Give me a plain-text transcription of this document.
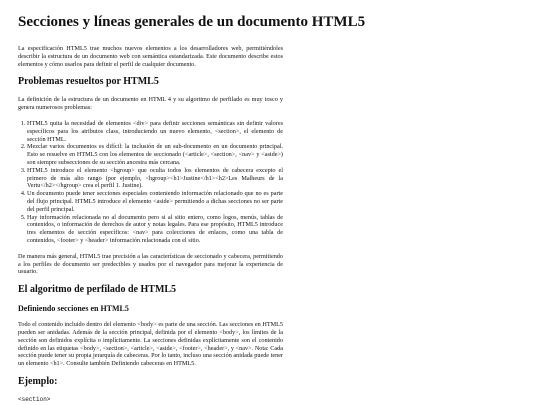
Secciones y líneas generales de un documento HTML5

La especificación HTML5 trae muchos nuevos elementos a los desarrolladores web, permitiéndoles describir la estructura de un documento web con semántica estandarizada. Este documento describe estos elementos y cómo usarlos para definir el perfil de cualquier documento.

Problemas resueltos por HTML5

La definición de la estructura de un documento en HTML 4 y su algoritmo de perfilado es muy tosco y genera numerosos problemas:

1. HTML5 quita la necesidad de elementos <div> para definir secciones semánticas sin definir valores específicos para los atributos class, introduciendo un nuevo elemento, <section>, el elemento de sección HTML.
2. Mezclar varios documentos es difícil: la inclusión de un sub-documento en un documento principal. Esto se resuelve en HTML5 con los elementos de seccionado (<article>, <section>, <nav> y <aside>) son siempre subsecciones de su sección ancestra más cercana.
3. HTML5 introduce el elemento <hgroup> que oculta todos los elementos de cabecera excepto el primero de más alto rango (por ejemplo, <hgroup><h1>Justine</h1><h2>Les Malheurs de la Vertu</h2></hgroup> crea el perfil 1. Justine).
4. Un documento puede tener secciones especiales conteniendo información relacionado que no es parte del flujo principal. HTML5 introduce el elemento <aside> permitiendo a dichas secciones no ser parte del perfil principal.
5. Hay información relacionada no al documento pero si al sitio entero, como logos, menús, tablas de contenidos, o información de derechos de autor y notas legales. Para ese propósito, HTML5 introduce tres elementos de sección específicos: <nav> para colecciones de enlaces, como una tabla de contenidos, <footer> y <header> información relacionada con el sitio.

De manera más general, HTML5 trae precisión a las características de seccionado y cabecera, permitiendo a los perfiles de documento ser predecibles y usados por el navegador para mejorar la experiencia de usuario.

El algoritmo de perfilado de HTML5
Definiendo secciones en HTML5

Todo el contenido incluido dentro del elemento <body> es parte de una sección. Las secciones en HTML5 pueden ser anidadas. Además de la sección principal, definida por el elemento <body>, los límites de la sección son definidos explícita o implícitamente. La secciones definidas explícitamente son el contenido definido en las etiquetas <body>, <section>, <article>, <aside>, <footer>, <header>, y <nav>. Nota: Cada sección puede tener su propia jerarquía de cabeceras. Por lo tanto, incluso una sección anidada puede tener un elemento <h1>. Consulte también Definiendo cabeceras en HTML5.

Ejemplo:
<section>
